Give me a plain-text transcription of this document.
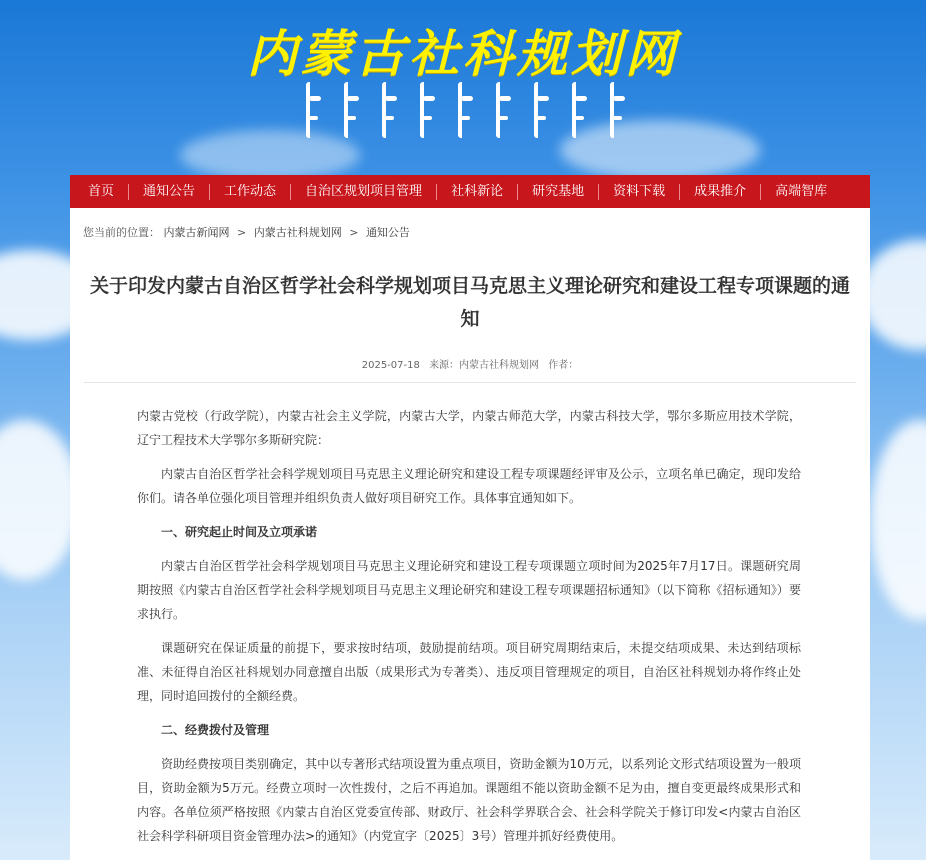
内蒙古社科规划网
首页	通知公告	工作动态	自治区规划项目管理	社科新论	研究基地	资料下载	成果推介	高端智库
您当前的位置： 内蒙古新闻网 > 内蒙古社科规划网 > 通知公告
关于印发内蒙古自治区哲学社会科学规划项目马克思主义理论研究和建设工程专项课题的通知
2025-07-18 来源：内蒙古社科规划网 作者：

内蒙古党校（行政学院），内蒙古社会主义学院，内蒙古大学，内蒙古师范大学，内蒙古科技大学，鄂尔多斯应用技术学院，辽宁工程技术大学鄂尔多斯研究院：

内蒙古自治区哲学社会科学规划项目马克思主义理论研究和建设工程专项课题经评审及公示，立项名单已确定，现印发给你们。请各单位强化项目管理并组织负责人做好项目研究工作。具体事宜通知如下。

一、研究起止时间及立项承诺

内蒙古自治区哲学社会科学规划项目马克思主义理论研究和建设工程专项课题立项时间为2025年7月17日。课题研究周期按照《内蒙古自治区哲学社会科学规划项目马克思主义理论研究和建设工程专项课题招标通知》（以下简称《招标通知》）要求执行。

课题研究在保证质量的前提下，要求按时结项，鼓励提前结项。项目研究周期结束后，未提交结项成果、未达到结项标准、未征得自治区社科规划办同意擅自出版（成果形式为专著类）、违反项目管理规定的项目，自治区社科规划办将作终止处理，同时追回拨付的全额经费。

二、经费拨付及管理

资助经费按项目类别确定，其中以专著形式结项设置为重点项目，资助金额为10万元，以系列论文形式结项设置为一般项目，资助金额为5万元。经费立项时一次性拨付，之后不再追加。课题组不能以资助金额不足为由，擅自变更最终成果形式和内容。各单位须严格按照《内蒙古自治区党委宣传部、财政厅、社会科学界联合会、社会科学院关于修订印发<内蒙古自治区社会科学科研项目资金管理办法>的通知》（内党宣字〔2025〕3号）管理并抓好经费使用。
